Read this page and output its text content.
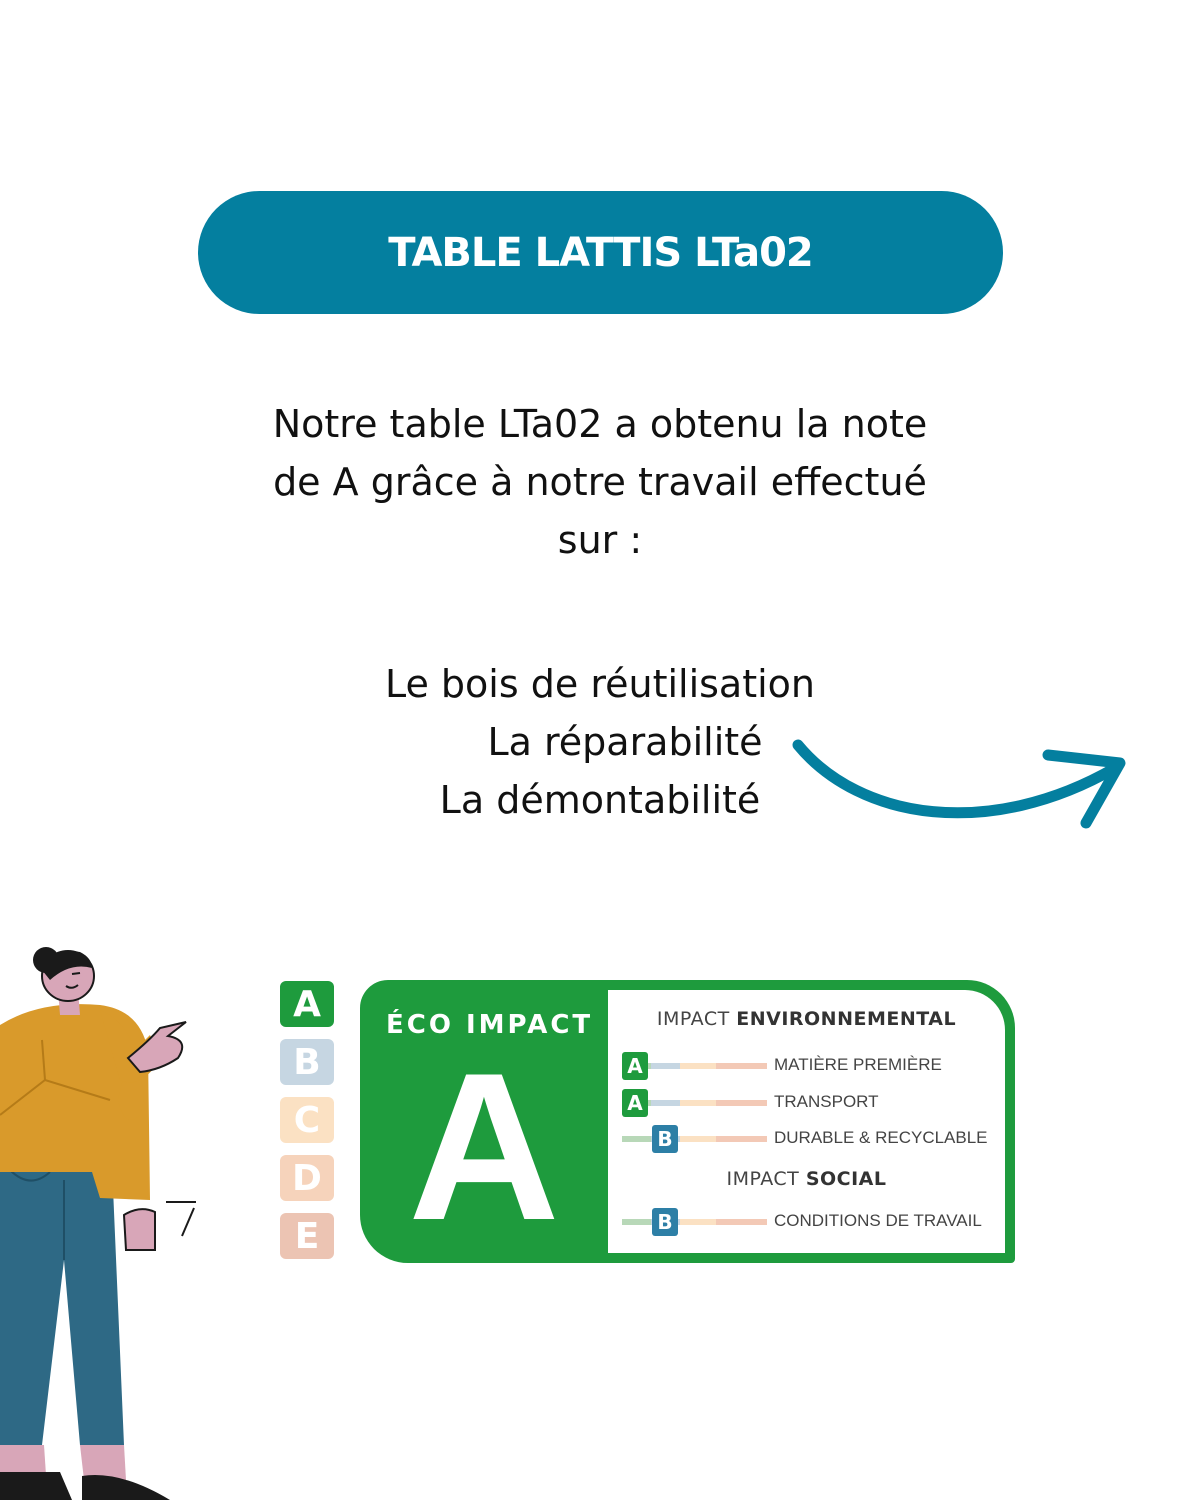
TABLE LATTIS LTa02
Notre table LTa02 a obtenu la note
de A grâce à notre travail effectué
sur :
Le bois de réutilisation
La réparabilité
La démontabilité
A
B
C
D
E
ÉCO IMPACT
A
IMPACT ENVIRONNEMENTAL
A	MATIÈRE PREMIÈRE
A	TRANSPORT
B	DURABLE & RECYCLABLE
IMPACT SOCIAL
B	CONDITIONS DE TRAVAIL
